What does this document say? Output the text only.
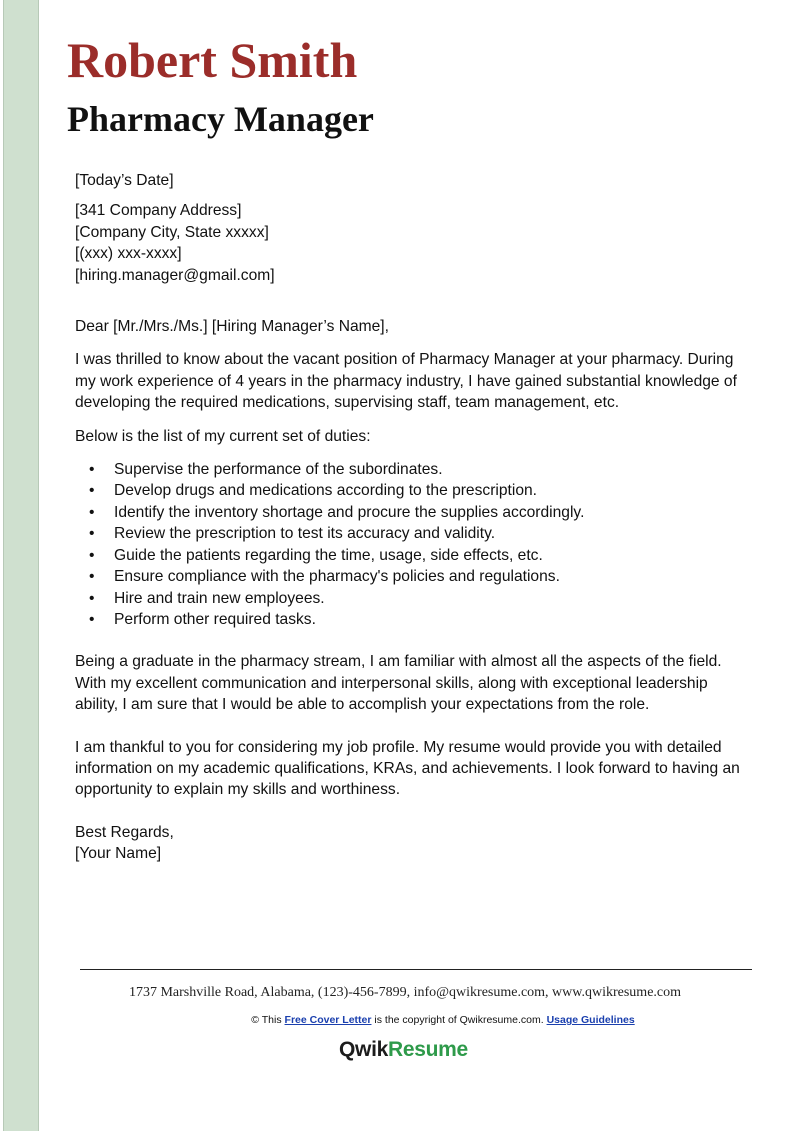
Robert Smith
Pharmacy Manager

[Today’s Date]

[341 Company Address]

[Company City, State xxxxx]

[(xxx) xxx-xxxx]

[hiring.manager@gmail.com]

Dear [Mr./Mrs./Ms.] [Hiring Manager’s Name],

I was thrilled to know about the vacant position of Pharmacy Manager at your pharmacy. During my work experience of 4 years in the pharmacy industry, I have gained substantial knowledge of developing the required medications, supervising staff, team management, etc.

Below is the list of my current set of duties:

• Supervise the performance of the subordinates.
• Develop drugs and medications according to the prescription.
• Identify the inventory shortage and procure the supplies accordingly.
• Review the prescription to test its accuracy and validity.
• Guide the patients regarding the time, usage, side effects, etc.
• Ensure compliance with the pharmacy's policies and regulations.
• Hire and train new employees.
• Perform other required tasks.

Being a graduate in the pharmacy stream, I am familiar with almost all the aspects of the field. With my excellent communication and interpersonal skills, along with exceptional leadership ability, I am sure that I would be able to accomplish your expectations from the role.

I am thankful to you for considering my job profile. My resume would provide you with detailed information on my academic qualifications, KRAs, and achievements. I look forward to having an opportunity to explain my skills and worthiness.

Best Regards,

[Your Name]

1737 Marshville Road, Alabama, (123)-456-7899, info@qwikresume.com, www.qwikresume.com
© This Free Cover Letter is the copyright of Qwikresume.com. Usage Guidelines
QwikResume
